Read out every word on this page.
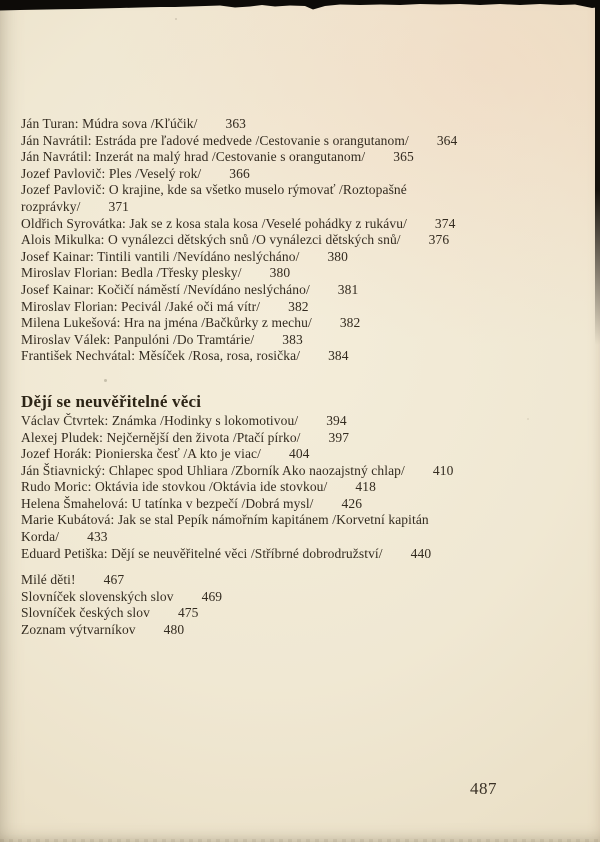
Ján Turan: Múdra sova /Kľúčik/ 363
Ján Navrátil: Estráda pre ľadové medvede /Cestovanie s orangutanom/ 364
Ján Navrátil: Inzerát na malý hrad /Cestovanie s orangutanom/ 365
Jozef Pavlovič: Ples /Veselý rok/ 366
Jozef Pavlovič: O krajine, kde sa všetko muselo rýmovať /Roztopašné
rozprávky/ 371
Oldřich Syrovátka: Jak se z kosa stala kosa /Veselé pohádky z rukávu/ 374
Alois Mikulka: O vynálezci dětských snů /O vynálezci dětských snů/ 376
Josef Kainar: Tintili vantili /Nevídáno neslýcháno/ 380
Miroslav Florian: Bedla /Třesky plesky/ 380
Josef Kainar: Kočičí náměstí /Nevídáno neslýcháno/ 381
Miroslav Florian: Pecivál /Jaké oči má vítr/ 382
Milena Lukešová: Hra na jména /Bačkůrky z mechu/ 382
Miroslav Válek: Panpulóni /Do Tramtárie/ 383
František Nechvátal: Měsíček /Rosa, rosa, rosička/ 384
Dějí se neuvěřitelné věci
Václav Čtvrtek: Známka /Hodinky s lokomotivou/ 394
Alexej Pludek: Nejčernější den života /Ptačí pírko/ 397
Jozef Horák: Pionierska česť /A kto je viac/ 404
Ján Štiavnický: Chlapec spod Uhliara /Zborník Ako naozajstný chlap/ 410
Rudo Moric: Oktávia ide stovkou /Oktávia ide stovkou/ 418
Helena Šmahelová: U tatínka v bezpečí /Dobrá mysl/ 426
Marie Kubátová: Jak se stal Pepík námořním kapitánem /Korvetní kapitán
Korda/ 433
Eduard Petiška: Dějí se neuvěřitelné věci /Stříbrné dobrodružství/ 440
Milé děti! 467
Slovníček slovenských slov 469
Slovníček českých slov 475
Zoznam výtvarníkov 480
487
